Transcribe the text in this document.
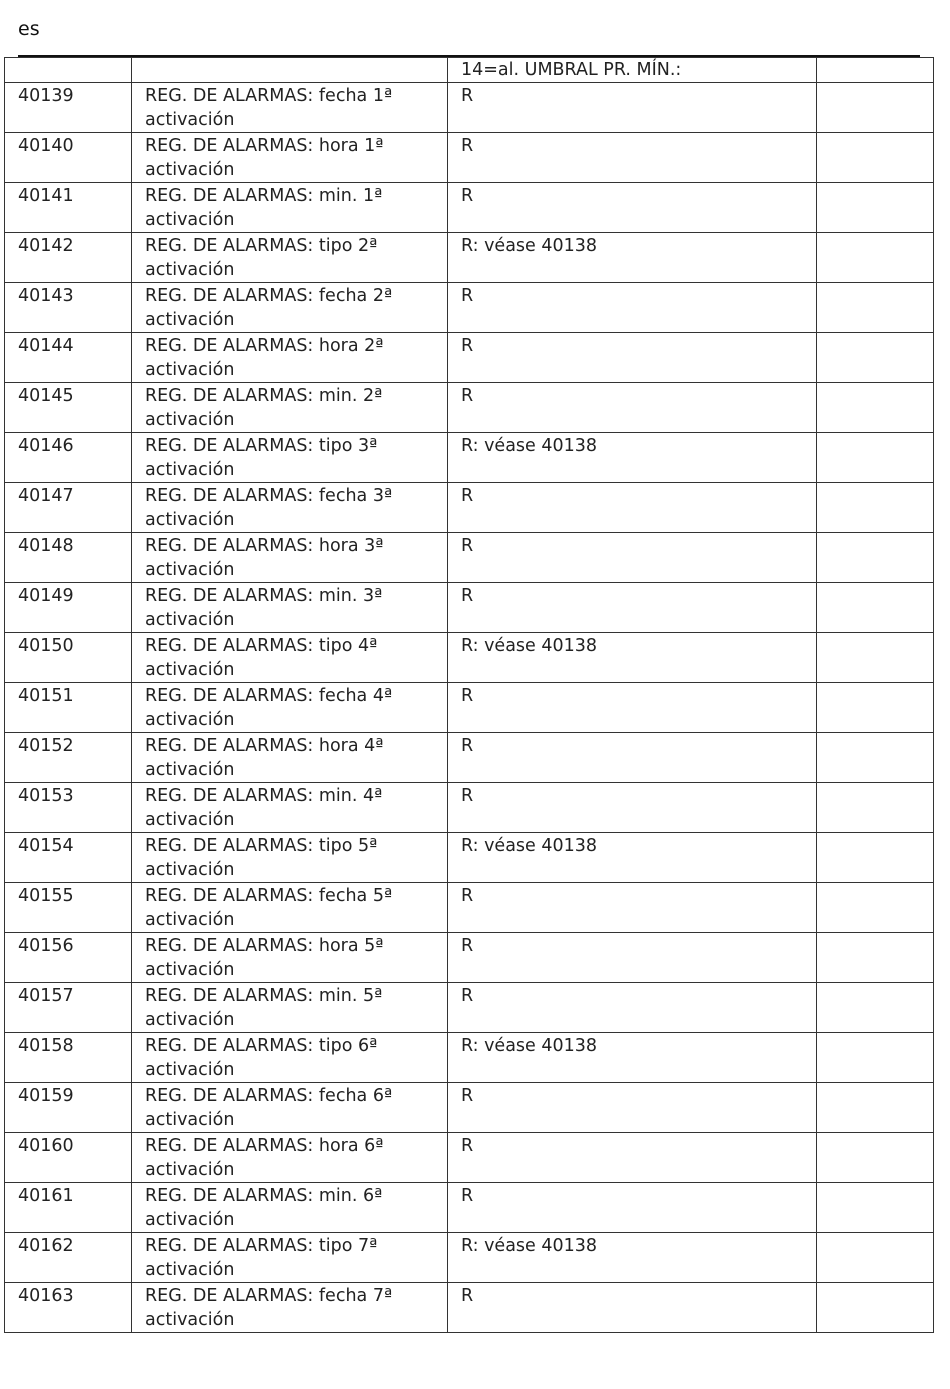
es
		14=al. UMBRAL PR. MÍN.:	
40139	REG. DE ALARMAS: fecha 1ª
activación	R	
40140	REG. DE ALARMAS: hora 1ª
activación	R	
40141	REG. DE ALARMAS: min. 1ª
activación	R	
40142	REG. DE ALARMAS: tipo 2ª
activación	R: véase 40138	
40143	REG. DE ALARMAS: fecha 2ª
activación	R	
40144	REG. DE ALARMAS: hora 2ª
activación	R	
40145	REG. DE ALARMAS: min. 2ª
activación	R	
40146	REG. DE ALARMAS: tipo 3ª
activación	R: véase 40138	
40147	REG. DE ALARMAS: fecha 3ª
activación	R	
40148	REG. DE ALARMAS: hora 3ª
activación	R	
40149	REG. DE ALARMAS: min. 3ª
activación	R	
40150	REG. DE ALARMAS: tipo 4ª
activación	R: véase 40138	
40151	REG. DE ALARMAS: fecha 4ª
activación	R	
40152	REG. DE ALARMAS: hora 4ª
activación	R	
40153	REG. DE ALARMAS: min. 4ª
activación	R	
40154	REG. DE ALARMAS: tipo 5ª
activación	R: véase 40138	
40155	REG. DE ALARMAS: fecha 5ª
activación	R	
40156	REG. DE ALARMAS: hora 5ª
activación	R	
40157	REG. DE ALARMAS: min. 5ª
activación	R	
40158	REG. DE ALARMAS: tipo 6ª
activación	R: véase 40138	
40159	REG. DE ALARMAS: fecha 6ª
activación	R	
40160	REG. DE ALARMAS: hora 6ª
activación	R	
40161	REG. DE ALARMAS: min. 6ª
activación	R	
40162	REG. DE ALARMAS: tipo 7ª
activación	R: véase 40138	
40163	REG. DE ALARMAS: fecha 7ª
activación	R	
